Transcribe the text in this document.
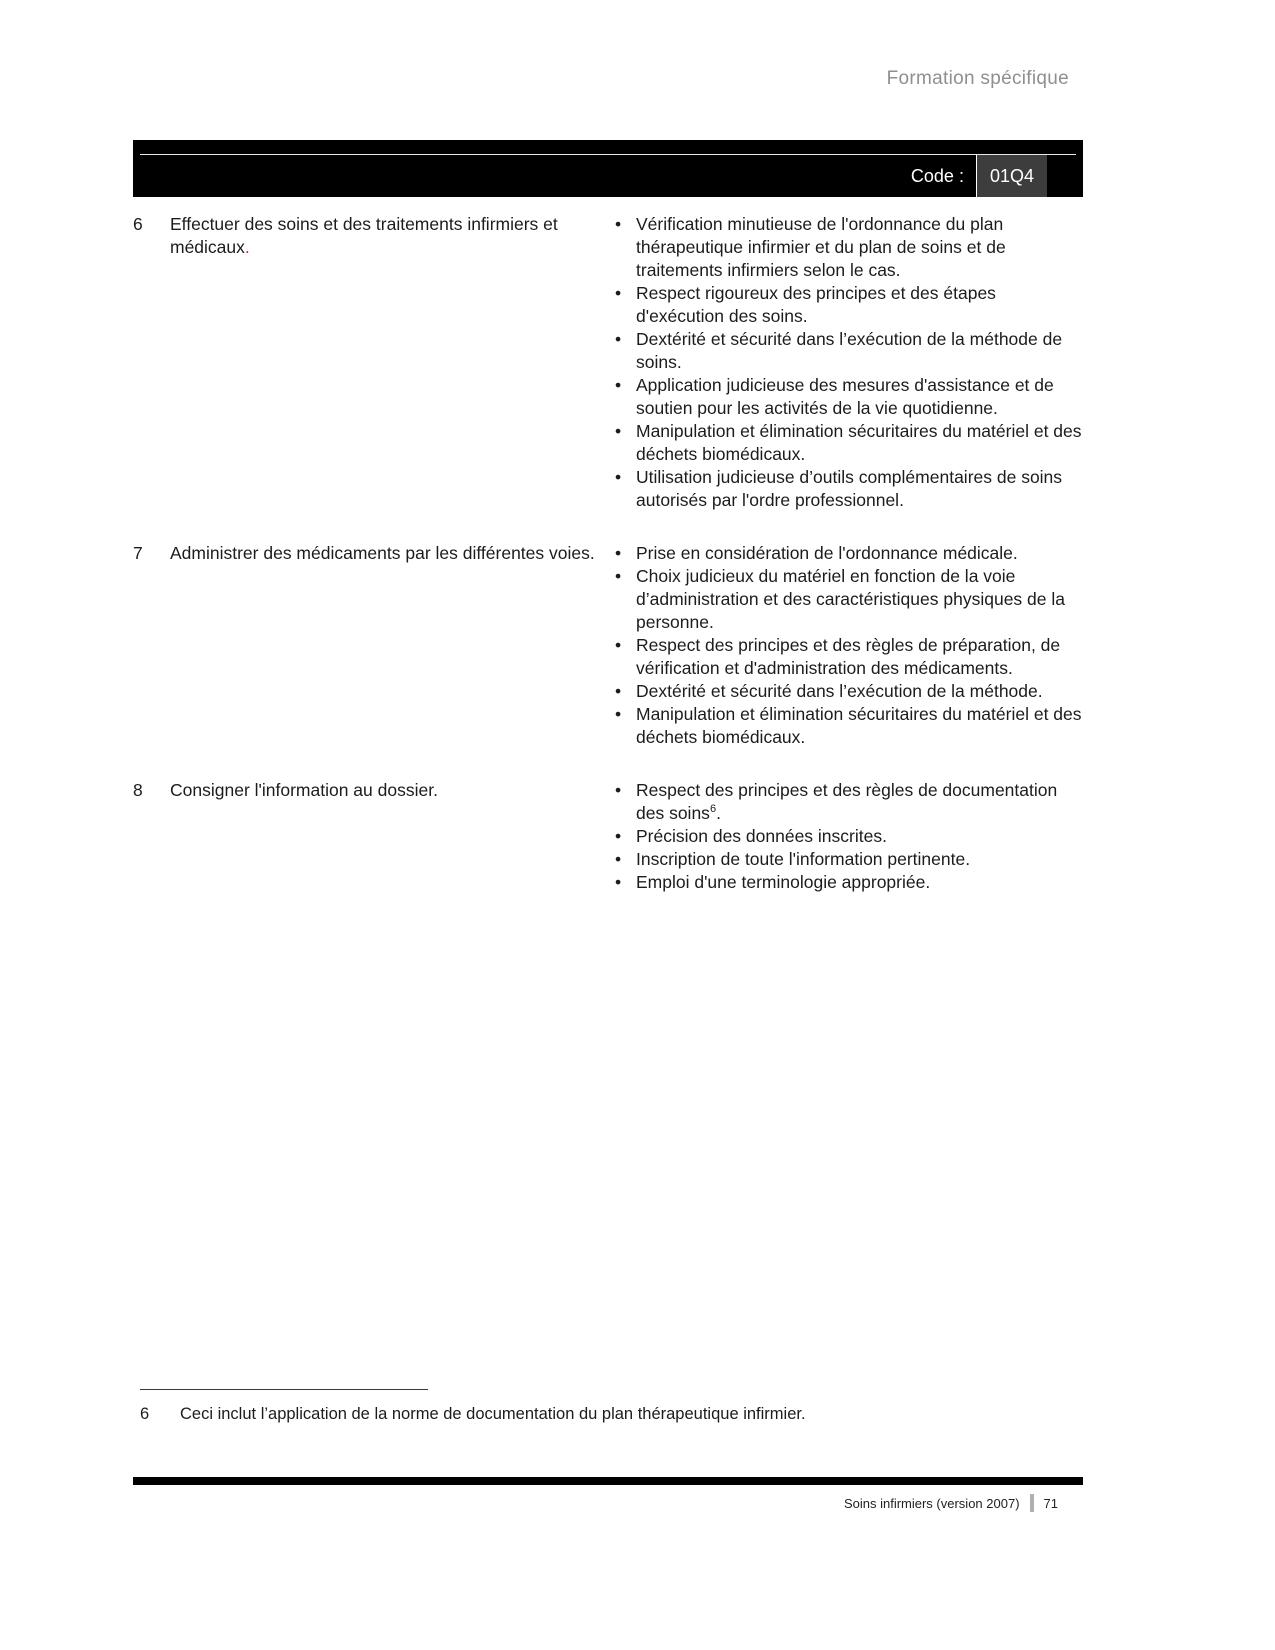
Formation spécifique
Code :	01Q4
6	Effectuer des soins et des traitements infirmiers et médicaux.
• Vérification minutieuse de l'ordonnance du plan thérapeutique infirmier et du plan de soins et de traitements infirmiers selon le cas.
• Respect rigoureux des principes et des étapes d'exécution des soins.
• Dextérité et sécurité dans l’exécution de la méthode de soins.
• Application judicieuse des mesures d'assistance et de soutien pour les activités de la vie quotidienne.
• Manipulation et élimination sécuritaires du matériel et des déchets biomédicaux.
• Utilisation judicieuse d’outils complémentaires de soins autorisés par l'ordre professionnel.
7	Administrer des médicaments par les différentes voies.	• Prise en considération de l'ordonnance médicale.
• Choix judicieux du matériel en fonction de la voie d’administration et des caractéristiques physiques de la personne.
• Respect des principes et des règles de préparation, de vérification et d'administration des médicaments.
• Dextérité et sécurité dans l’exécution de la méthode.
• Manipulation et élimination sécuritaires du matériel et des déchets biomédicaux.
8	Consigner l'information au dossier.	• Respect des principes et des règles de documentation des soins$^6$.
• Précision des données inscrites.
• Inscription de toute l'information pertinente.
• Emploi d'une terminologie appropriée.
6	Ceci inclut l’application de la norme de documentation du plan thérapeutique infirmier.
Soins infirmiers (version 2007) 71
